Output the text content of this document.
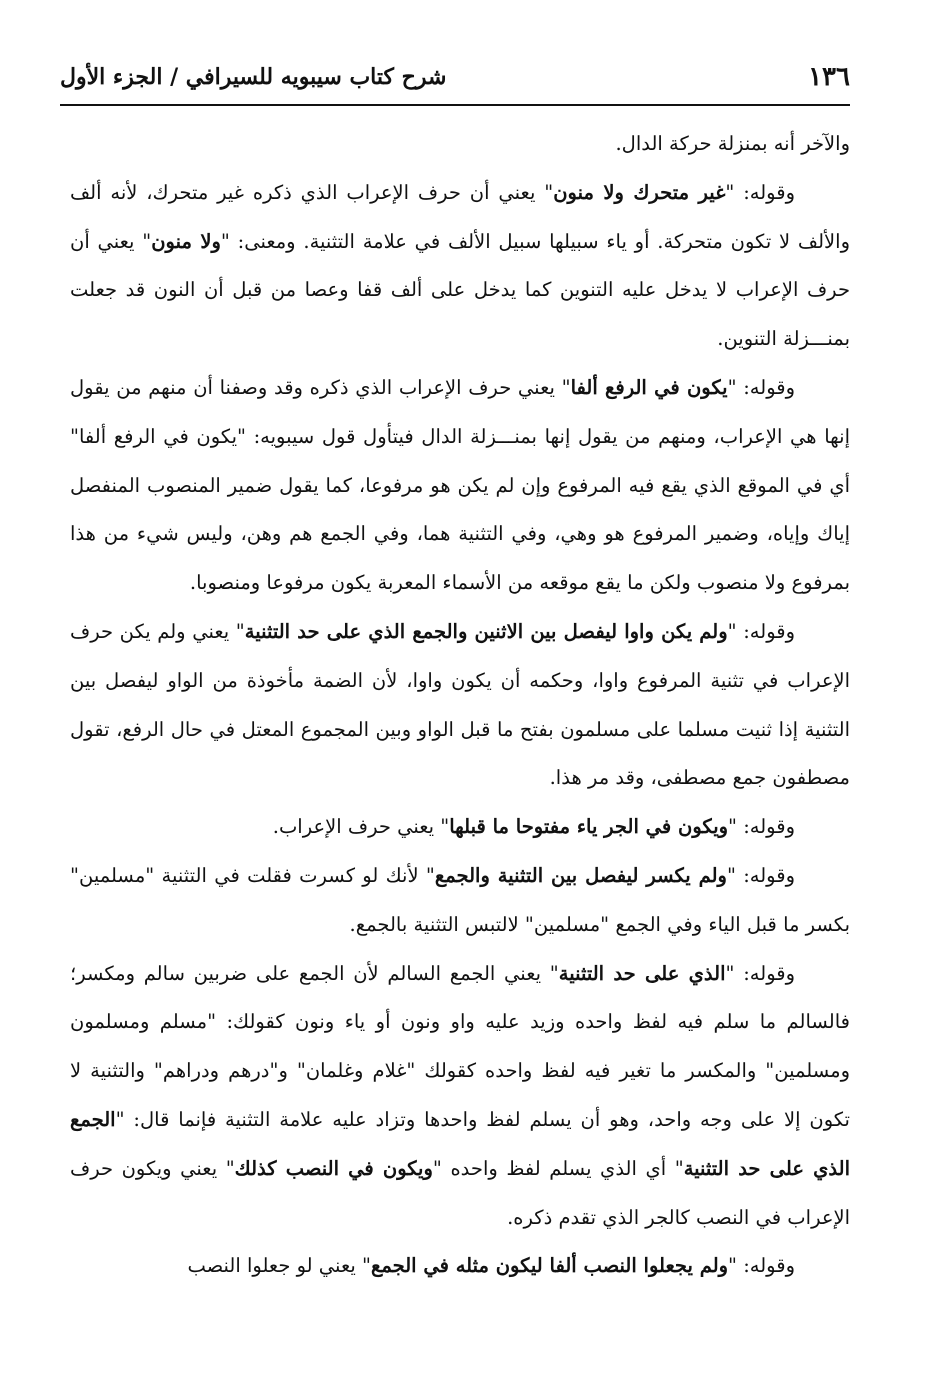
١٣٦
شرح كتاب سيبويه للسيرافي / الجزء الأول

والآخر أنه بمنزلة حركة الدال.

وقوله: "غير متحرك ولا منون" يعني أن حرف الإعراب الذي ذكره غير متحرك، لأنه ألف والألف لا تكون متحركة. أو ياء سبيلها سبيل الألف في علامة التثنية. ومعنى: "ولا منون" يعني أن حرف الإعراب لا يدخل عليه التنوين كما يدخل على ألف قفا وعصا من قبل أن النون قد جعلت بمنـــزلة التنوين.

وقوله: "يكون في الرفع ألفا" يعني حرف الإعراب الذي ذكره وقد وصفنا أن منهم من يقول إنها هي الإعراب، ومنهم من يقول إنها بمنـــزلة الدال فيتأول قول سيبويه: "يكون في الرفع ألفا" أي في الموقع الذي يقع فيه المرفوع وإن لم يكن هو مرفوعا، كما يقول ضمير المنصوب المنفصل إياك وإياه، وضمير المرفوع هو وهي، وفي التثنية هما، وفي الجمع هم وهن، وليس شيء من هذا بمرفوع ولا منصوب ولكن ما يقع موقعه من الأسماء المعربة يكون مرفوعا ومنصوبا.

وقوله: "ولم يكن واوا ليفصل بين الاثنين والجمع الذي على حد التثنية" يعني ولم يكن حرف الإعراب في تثنية المرفوع واوا، وحكمه أن يكون واوا، لأن الضمة مأخوذة من الواو ليفصل بين التثنية إذا ثنيت مسلما على مسلمون بفتح ما قبل الواو وبين المجموع المعتل في حال الرفع، تقول مصطفون جمع مصطفى، وقد مر هذا.

وقوله: "ويكون في الجر ياء مفتوحا ما قبلها" يعني حرف الإعراب.

وقوله: "ولم يكسر ليفصل بين التثنية والجمع" لأنك لو كسرت فقلت في التثنية "مسلمين" بكسر ما قبل الياء وفي الجمع "مسلمين" لالتبس التثنية بالجمع.

وقوله: "الذي على حد التثنية" يعني الجمع السالم لأن الجمع على ضربين سالم ومكسر؛ فالسالم ما سلم فيه لفظ واحده وزيد عليه واو ونون أو ياء ونون كقولك: "مسلم ومسلمون ومسلمين" والمكسر ما تغير فيه لفظ واحده كقولك "غلام وغلمان" و"درهم ودراهم" والتثنية لا تكون إلا على وجه واحد، وهو أن يسلم لفظ واحدها وتزاد عليه علامة التثنية فإنما قال: "الجمع الذي على حد التثنية" أي الذي يسلم لفظ واحده "ويكون في النصب كذلك" يعني ويكون حرف الإعراب في النصب كالجر الذي تقدم ذكره.

وقوله: "ولم يجعلوا النصب ألفا ليكون مثله في الجمع" يعني لو جعلوا النصب
